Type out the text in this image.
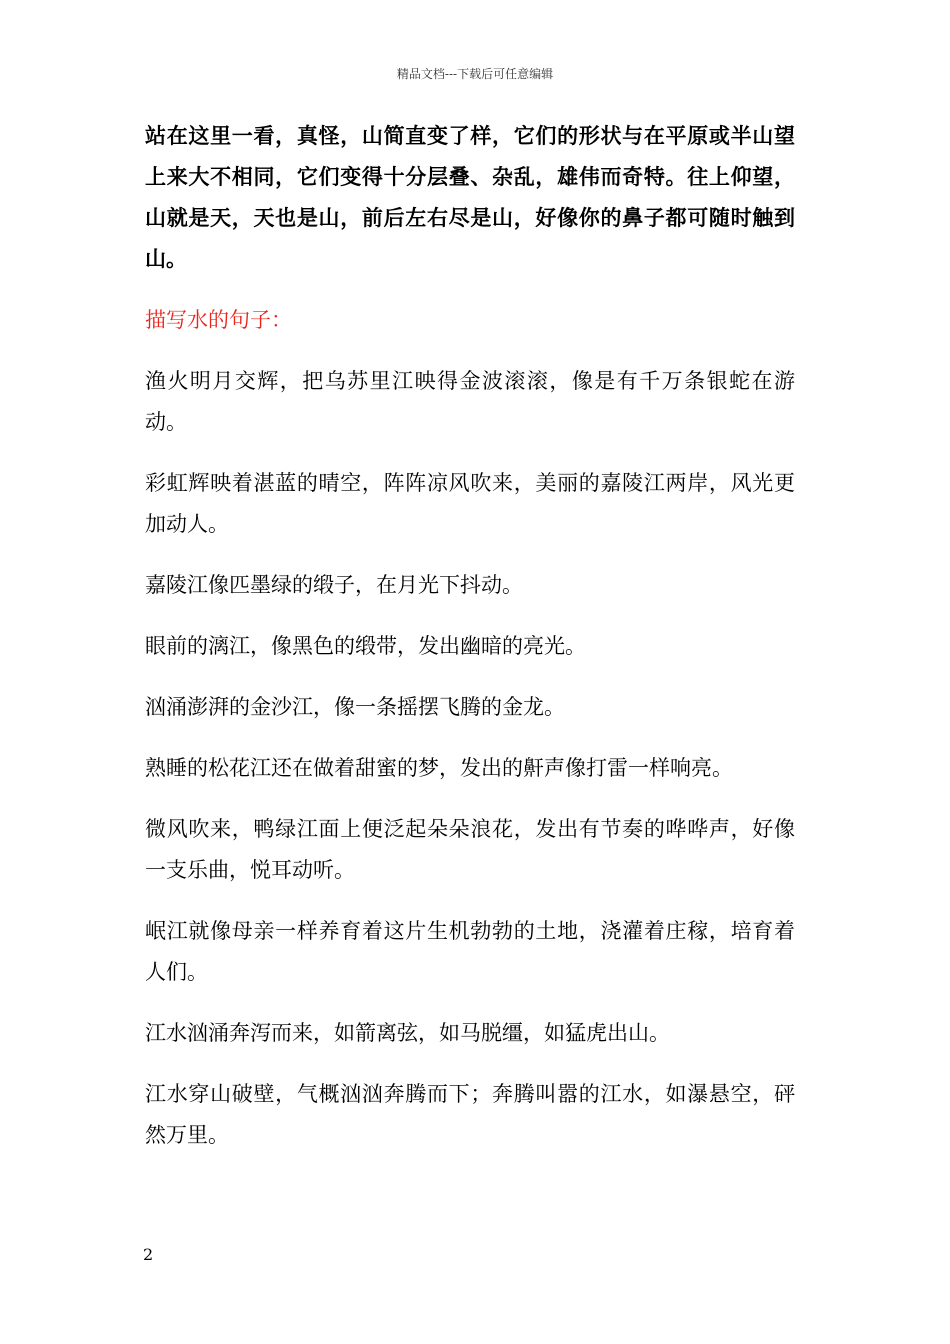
精品文档---下载后可任意编辑

站在这里一看，真怪，山简直变了样，它们的形状与在平原或半山望上来大不相同，它们变得十分层叠、杂乱，雄伟而奇特。往上仰望，山就是天，天也是山，前后左右尽是山，好像你的鼻子都可随时触到山。

描写水的句子：

渔火明月交辉，把乌苏里江映得金波滚滚，像是有千万条银蛇在游动。

彩虹辉映着湛蓝的晴空，阵阵凉风吹来，美丽的嘉陵江两岸，风光更加动人。

嘉陵江像匹墨绿的缎子，在月光下抖动。

眼前的漓江，像黑色的缎带，发出幽暗的亮光。

汹涌澎湃的金沙江，像一条摇摆飞腾的金龙。

熟睡的松花江还在做着甜蜜的梦，发出的鼾声像打雷一样响亮。

微风吹来，鸭绿江面上便泛起朵朵浪花，发出有节奏的哗哗声，好像一支乐曲，悦耳动听。

岷江就像母亲一样养育着这片生机勃勃的土地，浇灌着庄稼，培育着人们。

江水汹涌奔泻而来，如箭离弦，如马脱缰，如猛虎出山。

江水穿山破壁，气概汹汹奔腾而下；奔腾叫嚣的江水，如瀑悬空，砰然万里。

2
